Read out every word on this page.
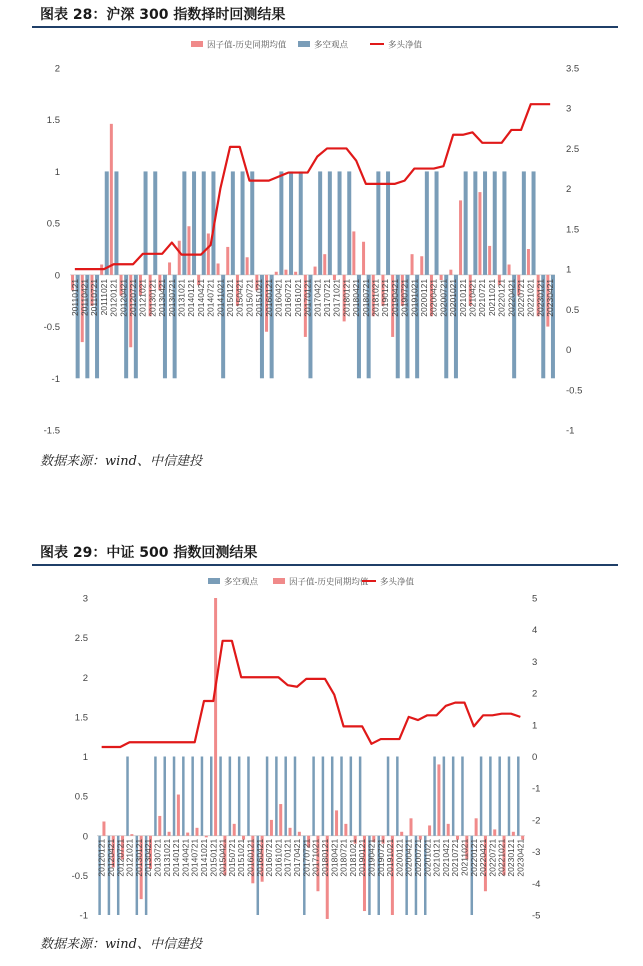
图表 28：沪深 300 指数择时回测结果
因子值-历史同期均值	多空观点	多头净值
-1.5
-1
-0.5
0
0.5
1
1.5
2
-1
-0.5
0
0.5
1
1.5
2
2.5
3
3.5
20110121 20110421 20110721 20111021 20120121 20120421 20120721 20121021 20130121 20130421 20130721 20131021 20140121 20140421 20140721 20141021 20150121 20150421 20150721 20151021 20160121 20160421 20160721 20161021 20170121 20170421 20170721 20171021 20180121 20180421 20180721 20181021 20190121 20190421 20190721 20191021 20200121 20200421 20200721 20201021 20210121 20210421 20210721 20211021 20220121 20220421 20220721 20221021 20230121 20230421
数据来源：wind、中信建投
图表 29：中证 500 指数回测结果
多空观点	因子值-历史同期均值 多头净值
-1
-0.5
0
0.5
1
1.5
2
2.5
3
-5
-4
-3
-2
-1
0
1
2
3
4
5
20120121 20120421 20120721 20121021 20130121 20130421 20130721 20131021 20140121 20140421 20140721 20141021 20150121 20150421 20150721 20151021 20160121 20160421 20160721 20161021 20170121 20170421 20170721 20171021 20180121 20180421 20180721 20181021 20190121 20190421 20190721 20191021 20200121 20200421 20200721 20201021 20210121 20210421 20210721 20211021 20220121 20220421 20220721 20221021 20230121 20230421
数据来源：wind、中信建投
